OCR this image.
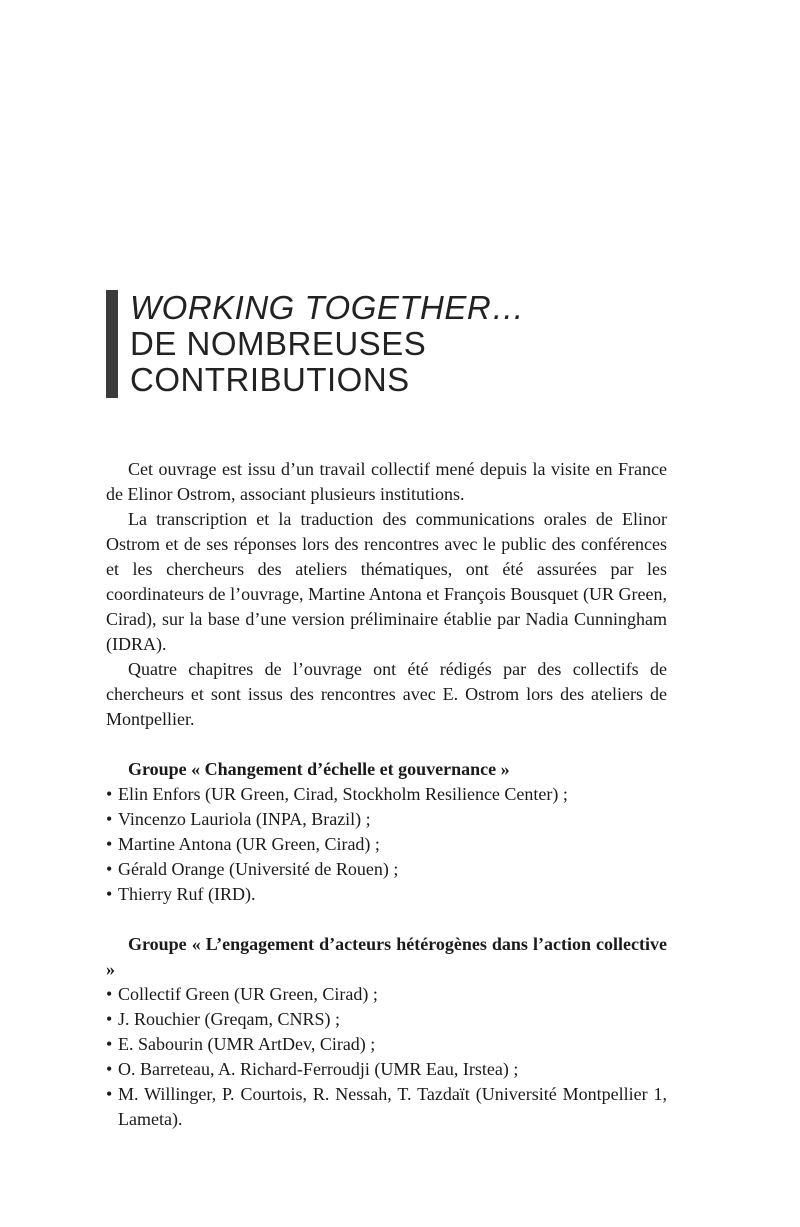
WORKING TOGETHER…
DE NOMBREUSES
CONTRIBUTIONS

Cet ouvrage est issu d’un travail collectif mené depuis la visite en France de Elinor Ostrom, associant plusieurs institutions.

La transcription et la traduction des communications orales de Elinor Ostrom et de ses réponses lors des rencontres avec le public des conférences et les chercheurs des ateliers thématiques, ont été assurées par les coordinateurs de l’ouvrage, Martine Antona et François Bousquet (UR Green, Cirad), sur la base d’une version préliminaire établie par Nadia Cunningham (IDRA).

Quatre chapitres de l’ouvrage ont été rédigés par des collectifs de chercheurs et sont issus des rencontres avec E. Ostrom lors des ateliers de Montpellier.

Groupe « Changement d’échelle et gouvernance »

• Elin Enfors (UR Green, Cirad, Stockholm Resilience Center) ;
• Vincenzo Lauriola (INPA, Brazil) ;
• Martine Antona (UR Green, Cirad) ;
• Gérald Orange (Université de Rouen) ;
• Thierry Ruf (IRD).

Groupe « L’engagement d’acteurs hétérogènes dans l’action collective »

• Collectif Green (UR Green, Cirad) ;
• J. Rouchier (Greqam, CNRS) ;
• E. Sabourin (UMR ArtDev, Cirad) ;
• O. Barreteau, A. Richard-Ferroudji (UMR Eau, Irstea) ;
• M. Willinger, P. Courtois, R. Nessah, T. Tazdaït (Université Montpellier 1, Lameta).
